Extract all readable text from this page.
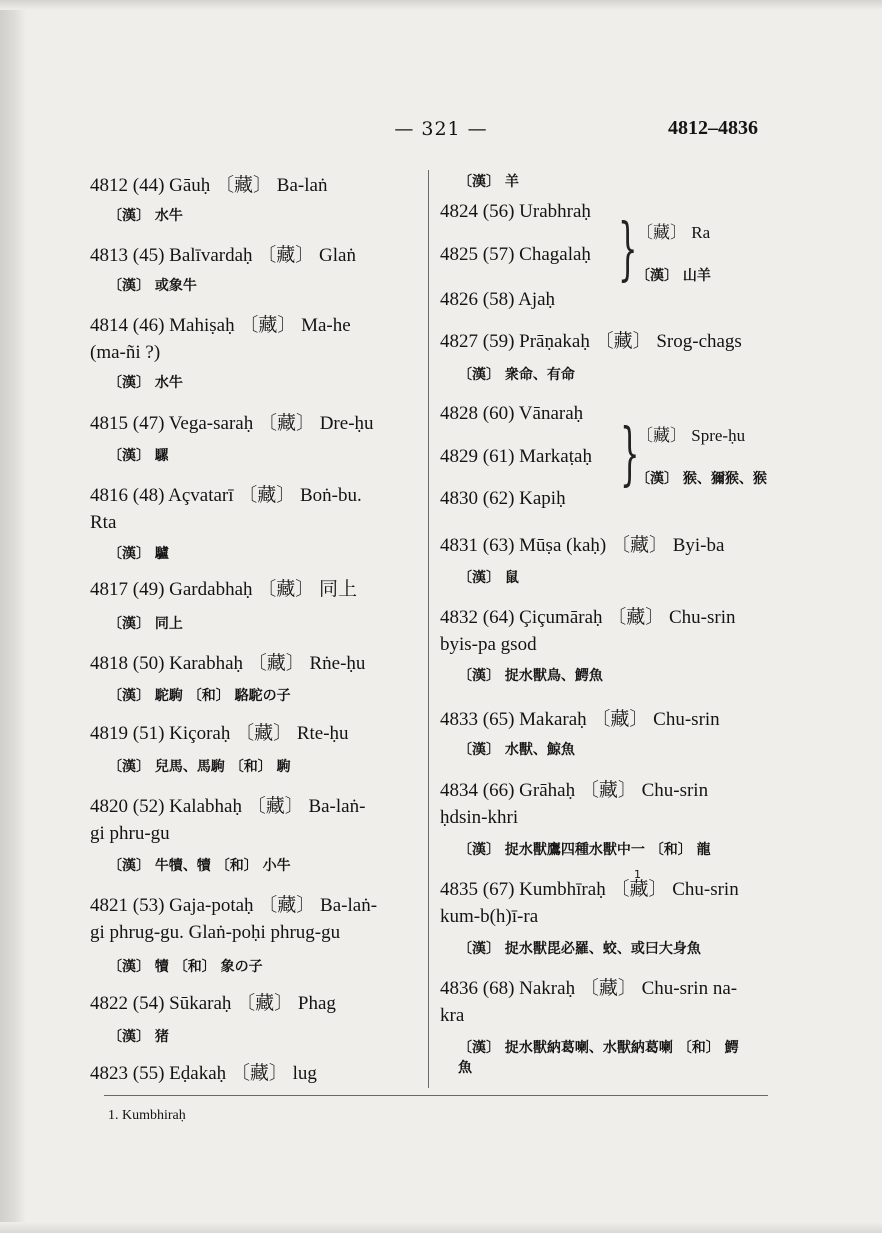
— 321 —	4812–4836
4812 (44) Gāuḥ 〔藏〕 Ba-laṅ
〔漢〕 水牛
4813 (45) Balīvardaḥ 〔藏〕 Glaṅ
〔漢〕 或象牛
4814 (46) Mahiṣaḥ 〔藏〕 Ma-he
(ma-ñi ?)
〔漢〕 水牛
4815 (47) Vega-saraḥ 〔藏〕 Dre-ḥu
〔漢〕 騾
4816 (48) Açvatarī 〔藏〕 Boṅ-bu.
Rta
〔漢〕 驢
4817 (49) Gardabhaḥ 〔藏〕 同上
〔漢〕 同上
4818 (50) Karabhaḥ 〔藏〕 Rṅe-ḥu
〔漢〕 駝駒 〔和〕 駱駝の子
4819 (51) Kiçoraḥ 〔藏〕 Rte-ḥu
〔漢〕 兒馬、馬駒 〔和〕 駒
4820 (52) Kalabhaḥ 〔藏〕 Ba-laṅ-
gi phru-gu
〔漢〕 牛犢、犢 〔和〕 小牛
4821 (53) Gaja-potaḥ 〔藏〕 Ba-laṅ-
gi phrug-gu. Glaṅ-poḥi phrug-gu
〔漢〕 犢 〔和〕 象の子
4822 (54) Sūkaraḥ 〔藏〕 Phag
〔漢〕 猪
4823 (55) Eḍakaḥ 〔藏〕 lug
〔漢〕 羊
4824 (56) Urabhraḥ
4825 (57) Chagalaḥ
4826 (58) Ajaḥ
}
〔藏〕 Ra
〔漢〕 山羊
4827 (59) Prāṇakaḥ 〔藏〕 Srog-chags
〔漢〕 衆命、有命
4828 (60) Vānaraḥ
4829 (61) Markaṭaḥ
4830 (62) Kapiḥ
}
〔藏〕 Spre-ḥu
〔漢〕 猴、獮猴、猴
4831 (63) Mūṣa (kaḥ) 〔藏〕 Byi-ba
〔漢〕 鼠
4832 (64) Çiçumāraḥ 〔藏〕 Chu-srin
byis-pa gsod
〔漢〕 捉水獸鳥、鰐魚
4833 (65) Makaraḥ 〔藏〕 Chu-srin
〔漢〕 水獸、鯨魚
4834 (66) Grāhaḥ 〔藏〕 Chu-srin
ḥdsin-khri
〔漢〕 捉水獸鷹四種水獸中一 〔和〕 龍
1
4835 (67) Kumbhīraḥ 〔藏〕 Chu-srin
kum-b(h)ī-ra
〔漢〕 捉水獸毘必羅、蛟、或曰大身魚
4836 (68) Nakraḥ 〔藏〕 Chu-srin na-
kra
〔漢〕 捉水獸納葛喇、水獸納葛喇 〔和〕 鰐
魚
1. Kumbhiraḥ
